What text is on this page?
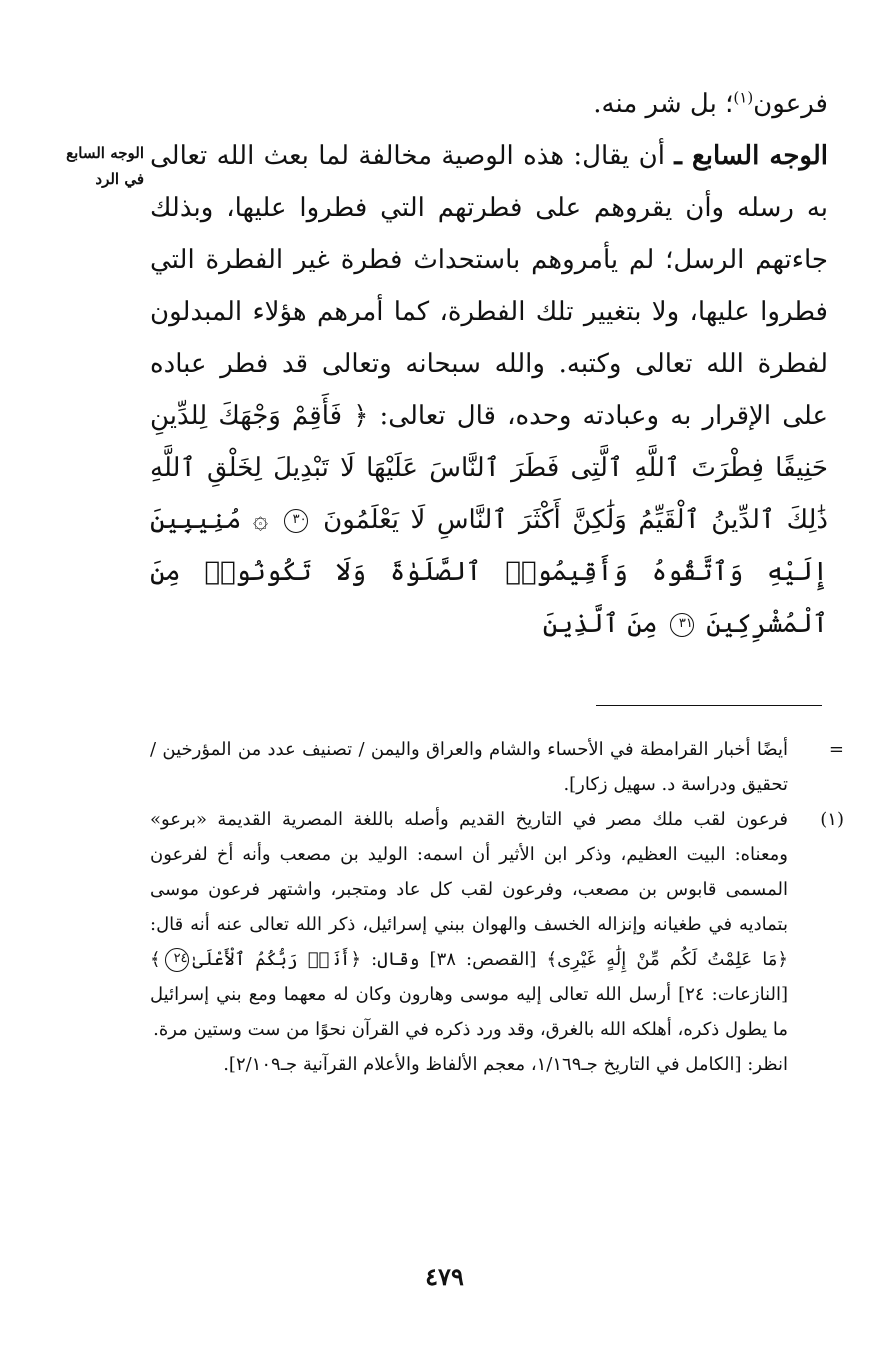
الوجه السابع
في الرد

فرعون$^{(١)}$؛ بل شر منه.

الوجه السابع ـ أن يقال: هذه الوصية مخالفة لما بعث الله تعالى به رسله وأن يقروهم على فطرتهم التي فطروا عليها، وبذلك جاءتهم الرسل؛ لم يأمروهم باستحداث فطرة غير الفطرة التي فطروا عليها، ولا بتغيير تلك الفطرة، كما أمرهم هؤلاء المبدلون لفطرة الله تعالى وكتبه. والله سبحانه وتعالى قد فطر عباده على الإقرار به وعبادته وحده، قال تعالى: ﴿ فَأَقِمْ وَجْهَكَ لِلدِّينِ حَنِيفًا فِطْرَتَ ٱللَّهِ ٱلَّتِى فَطَرَ ٱلنَّاسَ عَلَيْهَا لَا تَبْدِيلَ لِخَلْقِ ٱللَّهِ ذَٰلِكَ ٱلدِّينُ ٱلْقَيِّمُ وَلَٰكِنَّ أَكْثَرَ ٱلنَّاسِ لَا يَعْلَمُونَ ٣٠ ۞ مُنِيبِينَ إِلَيْهِ وَٱتَّقُوهُ وَأَقِيمُوا۟ ٱلصَّلَوٰةَ وَلَا تَكُونُوا۟ مِنَ ٱلْمُشْرِكِينَ ٣١ مِنَ ٱلَّذِينَ

=

أيضًا أخبار القرامطة في الأحساء والشام والعراق واليمن / تصنيف عدد من المؤرخين / تحقيق ودراسة د. سهيل زكار].

(١)

فرعون لقب ملك مصر في التاريخ القديم وأصله باللغة المصرية القديمة «برعو» ومعناه: البيت العظيم، وذكر ابن الأثير أن اسمه: الوليد بن مصعب وأنه أخ لفرعون المسمى قابوس بن مصعب، وفرعون لقب كل عاد ومتجبر، واشتهر فرعون موسى بتماديه في طغيانه وإنزاله الخسف والهوان ببني إسرائيل، ذكر الله تعالى عنه أنه قال: ﴿مَا عَلِمْتُ لَكُم مِّنْ إِلَٰهٍ غَيْرِى﴾ [القصص: ٣٨] وقال: ﴿أَنَا۠ رَبُّكُمُ ٱلْأَعْلَىٰ٢٤﴾ [النازعات: ٢٤] أرسل الله تعالى إليه موسى وهارون وكان له معهما ومع بني إسرائيل ما يطول ذكره، أهلكه الله بالغرق، وقد ورد ذكره في القرآن نحوًا من ست وستين مرة.

انظر: [الكامل في التاريخ جـ١/١٦٩، معجم الألفاظ والأعلام القرآنية جـ٢/١٠٩].

٤٧٩
